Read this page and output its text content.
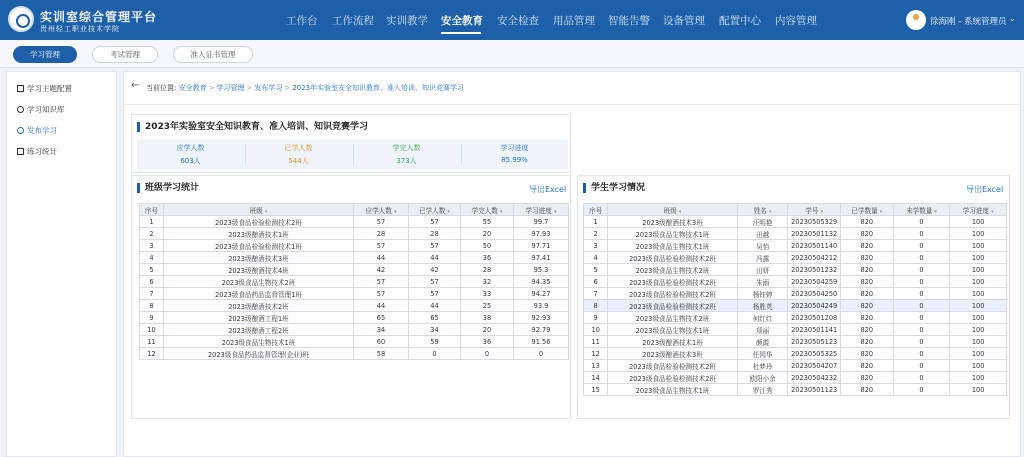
实训室综合管理平台
贵州轻工职业技术学院
工作台 工作流程 实训教学 安全教育 安全检查 用品管理 智能告警 设备管理 配置中心 内容管理	徐海刚 - 系统管理员 ⌄
学习管理	考试管理	准入证书管理
学习主题配置
学习知识库
发布学习
练习统计
← 当前位置: 安全教育 > 学习管理 > 发布学习 > 2023年实验室安全知识教育、准入培训、知识竞赛学习
2023年实验室安全知识教育、准入培训、知识竞赛学习
应学人数
603人
已学人数
544人
学完人数
373人
学习进度
85.99%
班级学习统计	导出Excel
序号	班级 ▾	应学人数 ▾	已学人数 ▾	学完人数 ▾	学习进度 ▾
1	2023级食品检验检测技术2班	57	57	55	99.7
2	2023级酿酒技术1班	28	28	20	97.93
3	2023级食品检验检测技术1班	57	57	50	97.71
4	2023级酿酒技术3班	44	44	36	97.41
5	2023级酿酒技术4班	42	42	28	95.3
6	2023级食品生物技术2班	57	57	32	94.35
7	2023级食品药品监督管理1班	57	57	33	94.27
8	2023级酿酒技术2班	44	44	25	93.9
9	2023级酿酒工程1班	65	65	38	92.93
10	2023级酿酒工程2班	34	34	20	92.79
11	2023级食品生物技术1班	60	59	36	91.56
12	2023级食品药品监督管理(企业)班	58	0	0	0
学生学习情况	导出Excel
序号	班级 ▾	姓名 ▾	学号 ▾	已学数量 ▾	未学数量 ▾	学习进度 ▾
1	2023级酿酒技术3班	汪明艳	20230505329	820	0	100
2	2023级食品生物技术1班	田越	20230501132	820	0	100
3	2023级食品生物技术1班	吴怡	20230501140	820	0	100
4	2023级食品检验检测技术2班	冯露	20230504212	820	0	100
5	2023级食品生物技术2班	田妍	20230501232	820	0	100
6	2023级食品检验检测技术2班	朱雨	20230504259	820	0	100
7	2023级食品检验检测技术2班	杨钰婷	20230504250	820	0	100
8	2023级食品检验检测技术2班	杨胜英	20230504249	820	0	100
9	2023级食品生物技术2班	何红红	20230501208	820	0	100
10	2023级食品生物技术1班	项丽	20230501141	820	0	100
11	2023级酿酒技术1班	颜霞	20230505123	820	0	100
12	2023级酿酒技术3班	任园华	20230505325	820	0	100
13	2023级食品检验检测技术2班	杜梦玲	20230504207	820	0	100
14	2023级食品检验检测技术2班	欧阳小余	20230504232	820	0	100
15	2023级食品生物技术1班	罗江秀	20230501123	820	0	100
